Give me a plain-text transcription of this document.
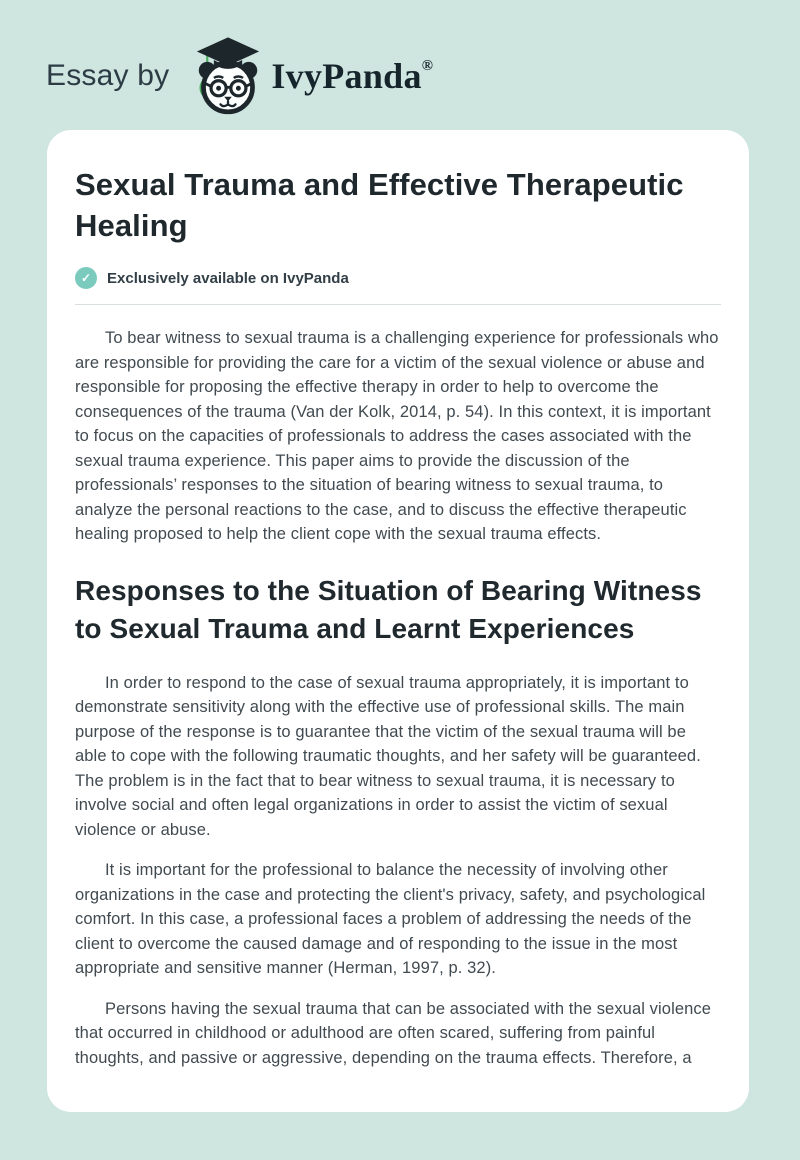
Essay by	IvyPanda®
Sexual Trauma and Effective Therapeutic Healing
✓	Exclusively available on IvyPanda

To bear witness to sexual trauma is a challenging experience for professionals who are responsible for providing the care for a victim of the sexual violence or abuse and responsible for proposing the effective therapy in order to help to overcome the consequences of the trauma (Van der Kolk, 2014, p. 54). In this context, it is important to focus on the capacities of professionals to address the cases associated with the sexual trauma experience. This paper aims to provide the discussion of the professionals’ responses to the situation of bearing witness to sexual trauma, to analyze the personal reactions to the case, and to discuss the effective therapeutic healing proposed to help the client cope with the sexual trauma effects.

Responses to the Situation of Bearing Witness to Sexual Trauma and Learnt Experiences

In order to respond to the case of sexual trauma appropriately, it is important to demonstrate sensitivity along with the effective use of professional skills. The main purpose of the response is to guarantee that the victim of the sexual trauma will be able to cope with the following traumatic thoughts, and her safety will be guaranteed. The problem is in the fact that to bear witness to sexual trauma, it is necessary to involve social and often legal organizations in order to assist the victim of sexual violence or abuse.

It is important for the professional to balance the necessity of involving other organizations in the case and protecting the client's privacy, safety, and psychological comfort. In this case, a professional faces a problem of addressing the needs of the client to overcome the caused damage and of responding to the issue in the most appropriate and sensitive manner (Herman, 1997, p. 32).

Persons having the sexual trauma that can be associated with the sexual violence that occurred in childhood or adulthood are often scared, suffering from painful thoughts, and passive or aggressive, depending on the trauma effects. Therefore, a
